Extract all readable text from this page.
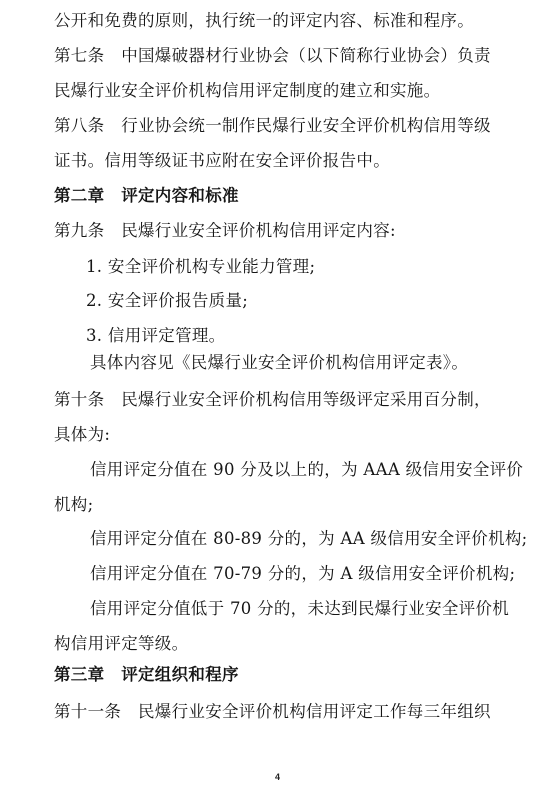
公开和免费的原则，执行统一的评定内容、标准和程序。
第七条　中国爆破器材行业协会（以下简称行业协会）负责
民爆行业安全评价机构信用评定制度的建立和实施。
第八条　行业协会统一制作民爆行业安全评价机构信用等级
证书。信用等级证书应附在安全评价报告中。
第二章　评定内容和标准
第九条　民爆行业安全评价机构信用评定内容:
1. 安全评价机构专业能力管理;
2. 安全评价报告质量;
3. 信用评定管理。
具体内容见《民爆行业安全评价机构信用评定表》。
第十条　民爆行业安全评价机构信用等级评定采用百分制，
具体为:
信用评定分值在 90 分及以上的，为 AAA 级信用安全评价
机构;
信用评定分值在 80-89 分的，为 AA 级信用安全评价机构;
信用评定分值在 70-79 分的，为 A 级信用安全评价机构;
信用评定分值低于 70 分的，未达到民爆行业安全评价机
构信用评定等级。
第三章　评定组织和程序
第十一条　民爆行业安全评价机构信用评定工作每三年组织
4
